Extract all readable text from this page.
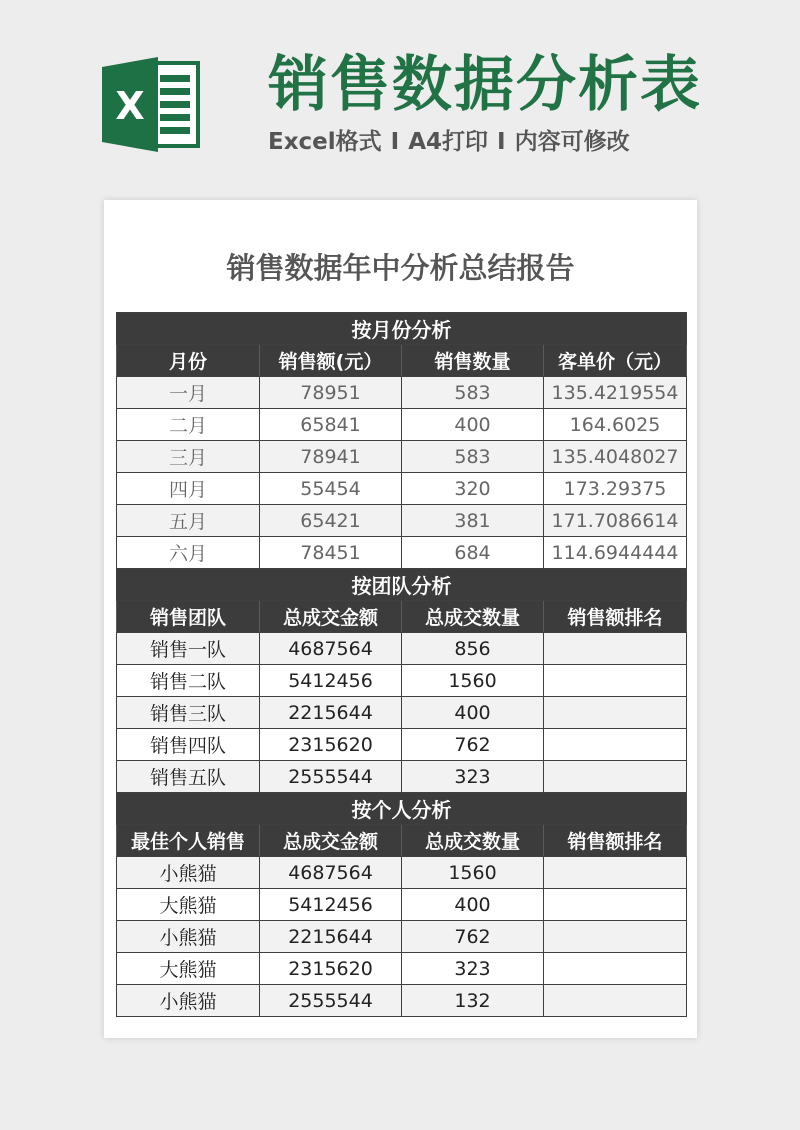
X 销售数据分析表
Excel格式 I A4打印 I 内容可修改
销售数据年中分析总结报告
按月份分析			
月份	销售额(元）	销售数量	客单价（元）
一月	78951	583	135.4219554
二月	65841	400	164.6025
三月	78941	583	135.4048027
四月	55454	320	173.29375
五月	65421	381	171.7086614
六月	78451	684	114.6944444
按团队分析			
销售团队	总成交金额	总成交数量	销售额排名
销售一队	4687564	856	
销售二队	5412456	1560	
销售三队	2215644	400	
销售四队	2315620	762	
销售五队	2555544	323	
按个人分析			
最佳个人销售	总成交金额	总成交数量	销售额排名
小熊猫	4687564	1560	
大熊猫	5412456	400	
小熊猫	2215644	762	
大熊猫	2315620	323	
小熊猫	2555544	132	
